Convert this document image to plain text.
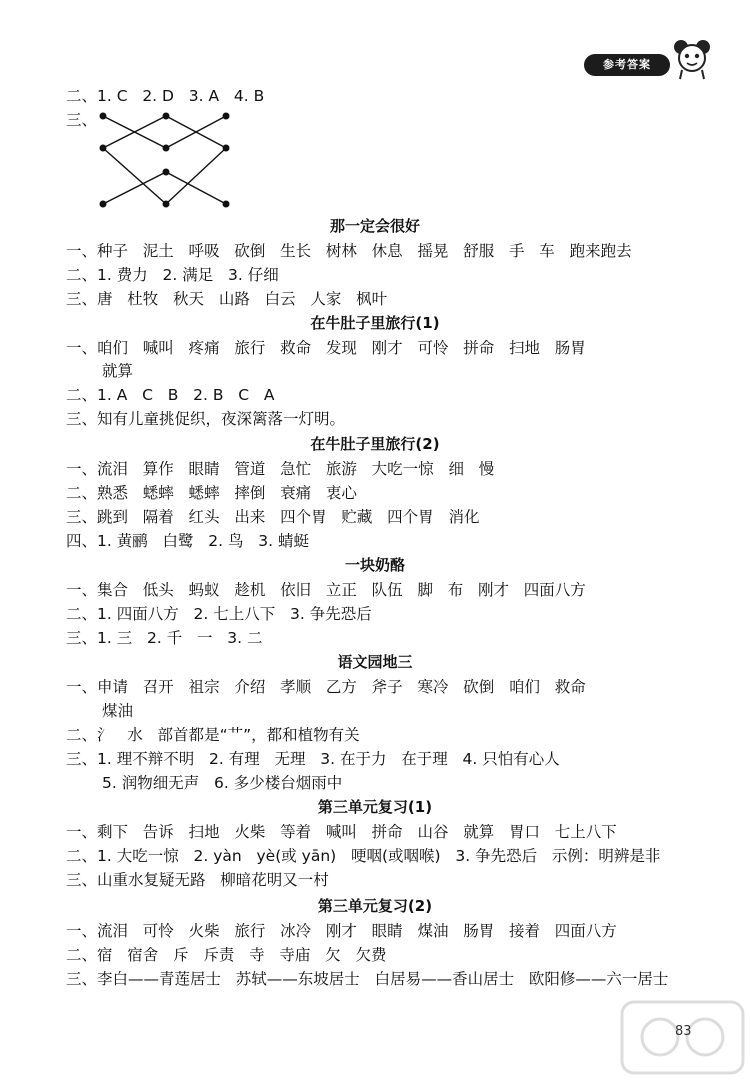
参考答案
二、1. C   2. D   3. A   4. B
三、
那一定会很好
一、种子   泥土   呼吸   砍倒   生长   树林   休息   摇晃   舒服   手   车   跑来跑去
二、1. 费力   2. 满足   3. 仔细
三、唐   杜牧   秋天   山路   白云   人家   枫叶
在牛肚子里旅行(1)
一、咱们   喊叫   疼痛   旅行   救命   发现   刚才   可怜   拼命   扫地   肠胃
就算
二、1. A   C   B   2. B   C   A
三、知有儿童挑促织，夜深篱落一灯明。
在牛肚子里旅行(2)
一、流泪   算作   眼睛   管道   急忙   旅游   大吃一惊   细   慢
二、熟悉   蟋蟀   蟋蟀   摔倒   衰痛   衷心
三、跳到   隔着   红头   出来   四个胃   贮藏   四个胃   消化
四、1. 黄鹂   白鹭   2. 鸟   3. 蜻蜓
一块奶酪
一、集合   低头   蚂蚁   趁机   依旧   立正   队伍   脚   布   刚才   四面八方
二、1. 四面八方   2. 七上八下   3. 争先恐后
三、1. 三   2. 千   一   3. 二
语文园地三
一、申请   召开   祖宗   介绍   孝顺   乙方   斧子   寒冷   砍倒   咱们   救命
煤油
二、氵   水   部首都是“艹”，都和植物有关
三、1. 理不辩不明   2. 有理   无理   3. 在于力   在于理   4. 只怕有心人
5. 润物细无声   6. 多少楼台烟雨中
第三单元复习(1)
一、剩下   告诉   扫地   火柴   等着   喊叫   拼命   山谷   就算   胃口   七上八下
二、1. 大吃一惊   2. yàn   yè(或 yān)   哽咽(或咽喉)   3. 争先恐后   示例：明辨是非
三、山重水复疑无路   柳暗花明又一村
第三单元复习(2)
一、流泪   可怜   火柴   旅行   冰冷   刚才   眼睛   煤油   肠胃   接着   四面八方
二、宿   宿舍   斥   斥责   寺   寺庙   欠   欠费
三、李白——青莲居士   苏轼——东坡居士   白居易——香山居士   欧阳修——六一居士
83
